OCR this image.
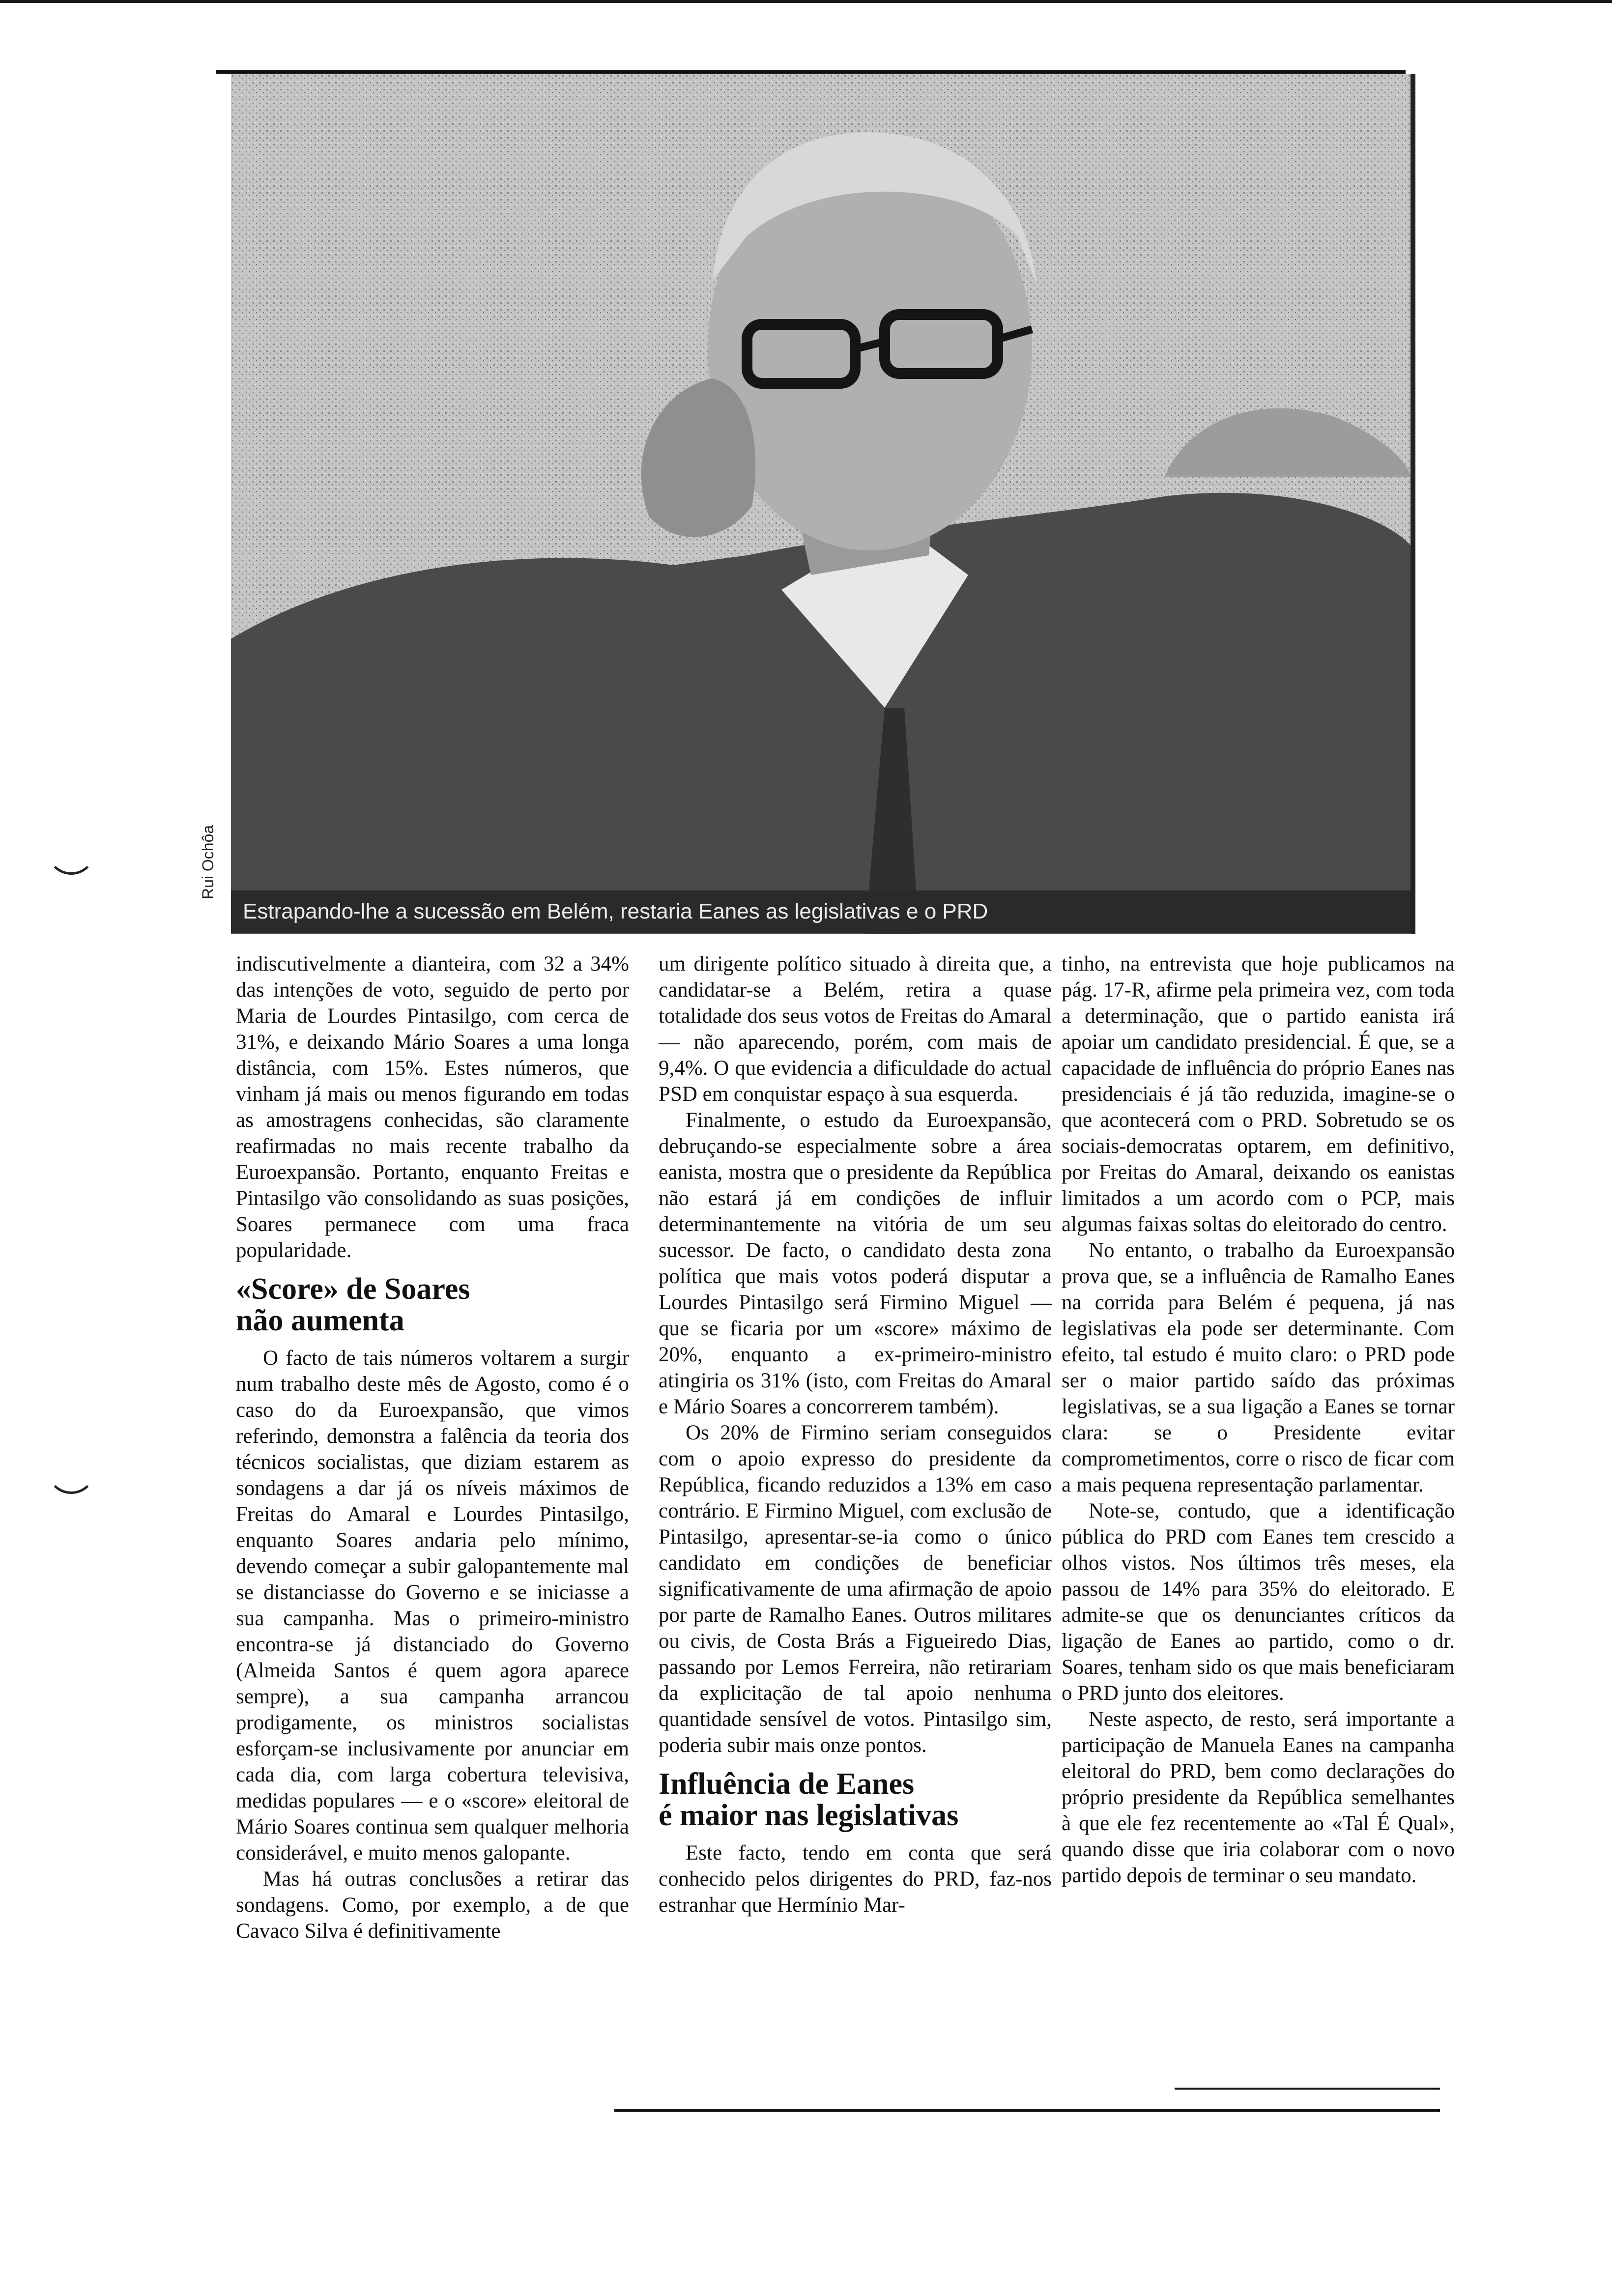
Rui Ochôa
Estrapando-lhe a sucessão em Belém, restaria Eanes as legislativas e o PRD

indiscutivelmente a dianteira, com 32 a 34% das intenções de voto, seguido de perto por Maria de Lourdes Pintasilgo, com cerca de 31%, e deixando Mário Soares a uma longa distância, com 15%. Estes números, que vinham já mais ou menos figurando em todas as amostragens conhecidas, são claramente reafirmadas no mais recente trabalho da Euroexpansão. Portanto, enquanto Freitas e Pintasilgo vão consolidando as suas posições, Soares permanece com uma fraca popularidade.

«Score» de Soares
não aumenta

O facto de tais números voltarem a surgir num trabalho deste mês de Agosto, como é o caso do da Euroexpansão, que vimos referindo, demonstra a falência da teoria dos técnicos socialistas, que diziam estarem as sondagens a dar já os níveis máximos de Freitas do Amaral e Lourdes Pintasilgo, enquanto Soares andaria pelo mínimo, devendo começar a subir galopantemente mal se distanciasse do Governo e se iniciasse a sua campanha. Mas o primeiro-ministro encontra-se já distanciado do Governo (Almeida Santos é quem agora aparece sempre), a sua campanha arrancou prodigamente, os ministros socialistas esforçam-se inclusivamente por anunciar em cada dia, com larga cobertura televisiva, medidas populares — e o «score» eleitoral de Mário Soares continua sem qualquer melhoria considerável, e muito menos galopante.

Mas há outras conclusões a retirar das sondagens. Como, por exemplo, a de que Cavaco Silva é definitivamente

um dirigente político situado à direita que, a candidatar-se a Belém, retira a quase totalidade dos seus votos de Freitas do Amaral — não aparecendo, porém, com mais de 9,4%. O que evidencia a dificuldade do actual PSD em conquistar espaço à sua esquerda.

Finalmente, o estudo da Euroexpansão, debruçando-se especialmente sobre a área eanista, mostra que o presidente da República não estará já em condições de influir determinantemente na vitória de um seu sucessor. De facto, o candidato desta zona política que mais votos poderá disputar a Lourdes Pintasilgo será Firmino Miguel — que se ficaria por um «score» máximo de 20%, enquanto a ex-primeiro-ministro atingiria os 31% (isto, com Freitas do Amaral e Mário Soares a concorrerem também).

Os 20% de Firmino seriam conseguidos com o apoio expresso do presidente da República, ficando reduzidos a 13% em caso contrário. E Firmino Miguel, com exclusão de Pintasilgo, apresentar-se-ia como o único candidato em condições de beneficiar significativamente de uma afirmação de apoio por parte de Ramalho Eanes. Outros militares ou civis, de Costa Brás a Figueiredo Dias, passando por Lemos Ferreira, não retirariam da explicitação de tal apoio nenhuma quantidade sensível de votos. Pintasilgo sim, poderia subir mais onze pontos.

Influência de Eanes
é maior nas legislativas

Este facto, tendo em conta que será conhecido pelos dirigentes do PRD, faz-nos estranhar que Hermínio Mar-

tinho, na entrevista que hoje publicamos na pág. 17-R, afirme pela primeira vez, com toda a determinação, que o partido eanista irá apoiar um candidato presidencial. É que, se a capacidade de influência do próprio Eanes nas presidenciais é já tão reduzida, imagine-se o que acontecerá com o PRD. Sobretudo se os sociais-democratas optarem, em definitivo, por Freitas do Amaral, deixando os eanistas limitados a um acordo com o PCP, mais algumas faixas soltas do eleitorado do centro.

No entanto, o trabalho da Euroexpansão prova que, se a influência de Ramalho Eanes na corrida para Belém é pequena, já nas legislativas ela pode ser determinante. Com efeito, tal estudo é muito claro: o PRD pode ser o maior partido saído das próximas legislativas, se a sua ligação a Eanes se tornar clara: se o Presidente evitar comprometimentos, corre o risco de ficar com a mais pequena representação parlamentar.

Note-se, contudo, que a identificação pública do PRD com Eanes tem crescido a olhos vistos. Nos últimos três meses, ela passou de 14% para 35% do eleitorado. E admite-se que os denunciantes críticos da ligação de Eanes ao partido, como o dr. Soares, tenham sido os que mais beneficiaram o PRD junto dos eleitores.

Neste aspecto, de resto, será importante a participação de Manuela Eanes na campanha eleitoral do PRD, bem como declarações do próprio presidente da República semelhantes à que ele fez recentemente ao «Tal É Qual», quando disse que iria colaborar com o novo partido depois de terminar o seu mandato.
